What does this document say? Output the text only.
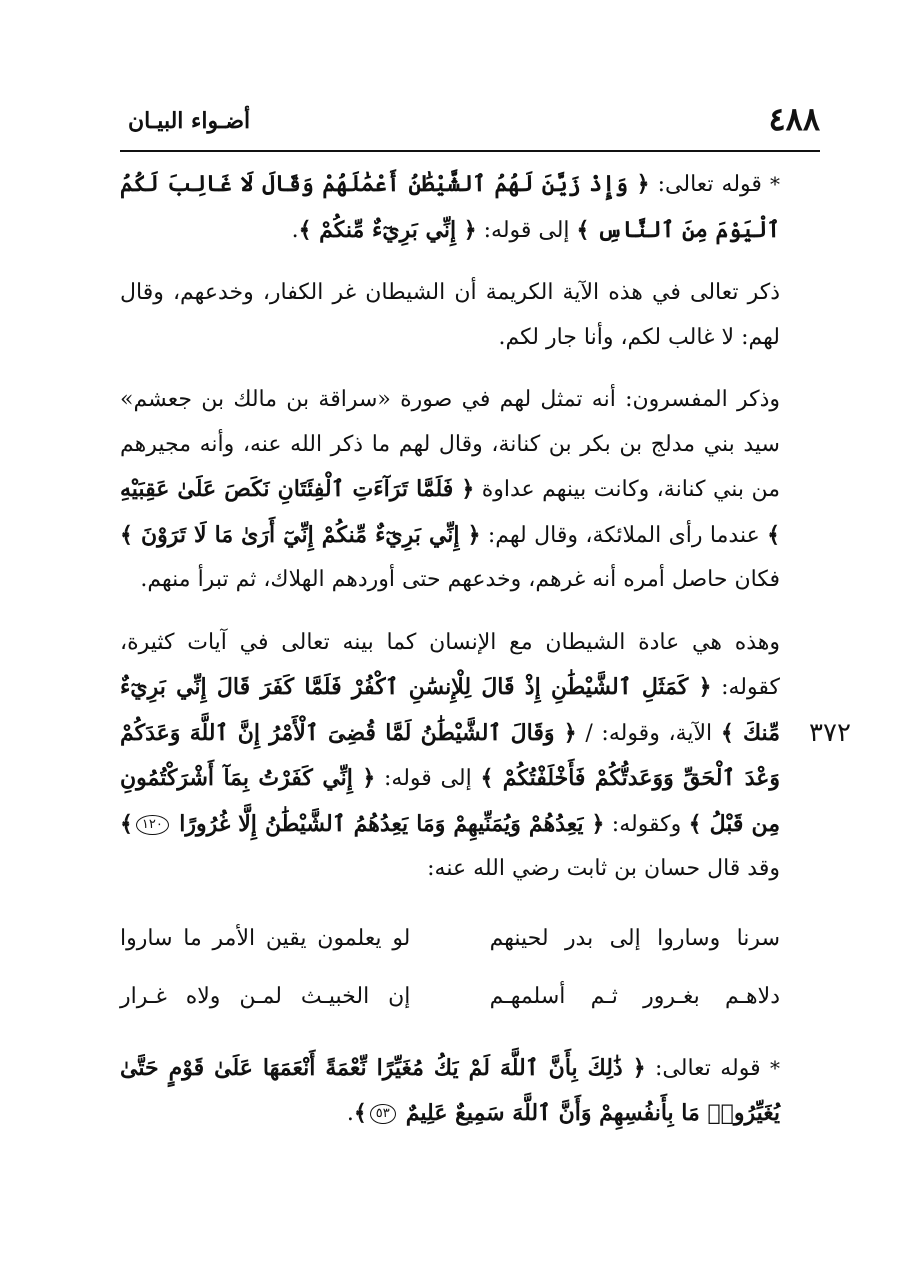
٤٨٨
أضـواء البيـان
٣٧٢

* قوله تعالى: ﴿ وَإِذْ زَيَّنَ لَهُمُ ٱلشَّيْطَٰنُ أَعْمَٰلَهُمْ وَقَالَ لَا غَالِبَ لَكُمُ ٱلْيَوْمَ مِنَ ٱلنَّاسِ ﴾ إلى قوله: ﴿ إِنِّي بَرِيٓءٌ مِّنكُمْ ﴾.

ذكر تعالى في هذه الآية الكريمة أن الشيطان غر الكفار، وخدعهم، وقال لهم: لا غالب لكم، وأنا جار لكم.

وذكر المفسرون: أنه تمثل لهم في صورة «سراقة بن مالك بن جعشم» سيد بني مدلج بن بكر بن كنانة، وقال لهم ما ذكر الله عنه، وأنه مجيرهم من بني كنانة، وكانت بينهم عداوة ﴿ فَلَمَّا تَرَآءَتِ ٱلْفِئَتَانِ نَكَصَ عَلَىٰ عَقِبَيْهِ ﴾ عندما رأى الملائكة، وقال لهم: ﴿ إِنِّي بَرِيٓءٌ مِّنكُمْ إِنِّيٓ أَرَىٰ مَا لَا تَرَوْنَ ﴾ فكان حاصل أمره أنه غرهم، وخدعهم حتى أوردهم الهلاك، ثم تبرأ منهم.

وهذه هي عادة الشيطان مع الإنسان كما بينه تعالى في آيات كثيرة، كقوله: ﴿ كَمَثَلِ ٱلشَّيْطَٰنِ إِذْ قَالَ لِلْإِنسَٰنِ ٱكْفُرْ فَلَمَّا كَفَرَ قَالَ إِنِّي بَرِيٓءٌ مِّنكَ ﴾ الآية، وقوله: / ﴿ وَقَالَ ٱلشَّيْطَٰنُ لَمَّا قُضِىَ ٱلْأَمْرُ إِنَّ ٱللَّهَ وَعَدَكُمْ وَعْدَ ٱلْحَقِّ وَوَعَدتُّكُمْ فَأَخْلَفْتُكُمْ ﴾ إلى قوله: ﴿ إِنِّي كَفَرْتُ بِمَآ أَشْرَكْتُمُونِ مِن قَبْلُ ﴾ وكقوله: ﴿ يَعِدُهُمْ وَيُمَنِّيهِمْ وَمَا يَعِدُهُمُ ٱلشَّيْطَٰنُ إِلَّا غُرُورًا ١٢٠﴾ وقد قال حسان بن ثابت رضي الله عنه:

سرنا وساروا إلى بدر لحينهم
لو يعلمون يقين الأمر ما ساروا
دلاهـم بغـرور ثـم أسلمهـم
إن الخبيـث لمـن ولاه غـرار

* قوله تعالى: ﴿ ذَٰلِكَ بِأَنَّ ٱللَّهَ لَمْ يَكُ مُغَيِّرًا نِّعْمَةً أَنْعَمَهَا عَلَىٰ قَوْمٍ حَتَّىٰ يُغَيِّرُوا۟ مَا بِأَنفُسِهِمْ وَأَنَّ ٱللَّهَ سَمِيعٌ عَلِيمٌ ٥٣﴾.
